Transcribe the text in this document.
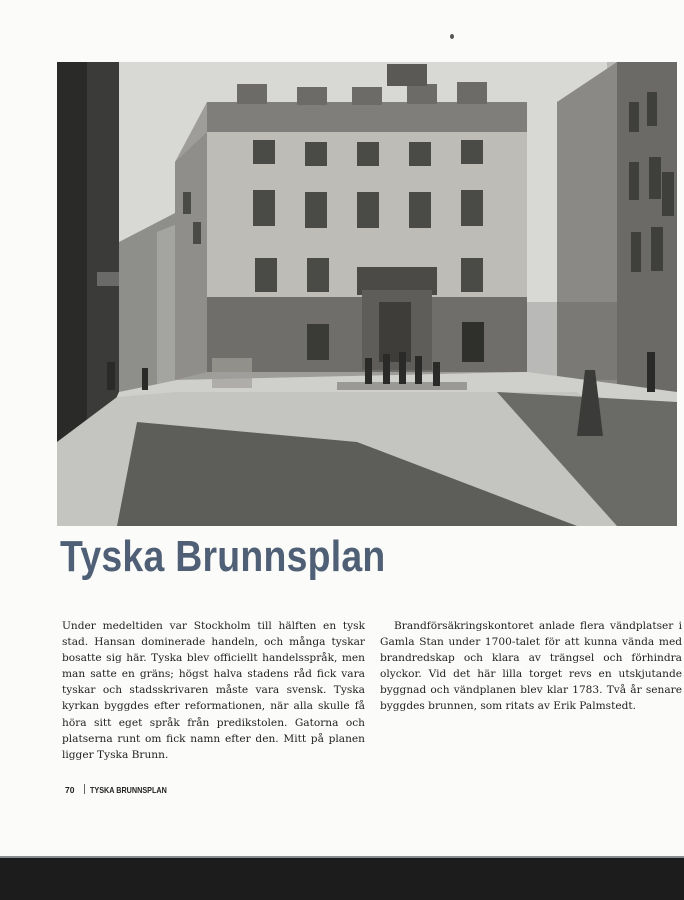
Tyska Brunnsplan

Under medeltiden var Stockholm till hälften en tysk stad. Hansan dominerade handeln, och många tyskar bosatte sig här. Tyska blev officiellt handelsspråk, men man satte en gräns; högst halva stadens råd fick vara tyskar och stadsskrivaren måste vara svensk. Tyska kyrkan byggdes efter reformationen, när alla skulle få höra sitt eget språk från predikstolen. Gatorna och platserna runt om fick namn efter den. Mitt på planen ligger Tyska Brunn.

Brandförsäkringskontoret anlade flera vändplatser i Gamla Stan under 1700-talet för att kunna vända med brandredskap och klara av trängsel och förhindra olyckor. Vid det här lilla torget revs en utskjutande byggnad och vändplanen blev klar 1783. Två år senare byggdes brunnen, som ritats av Erik Palmstedt.

70 TYSKA BRUNNSPLAN
